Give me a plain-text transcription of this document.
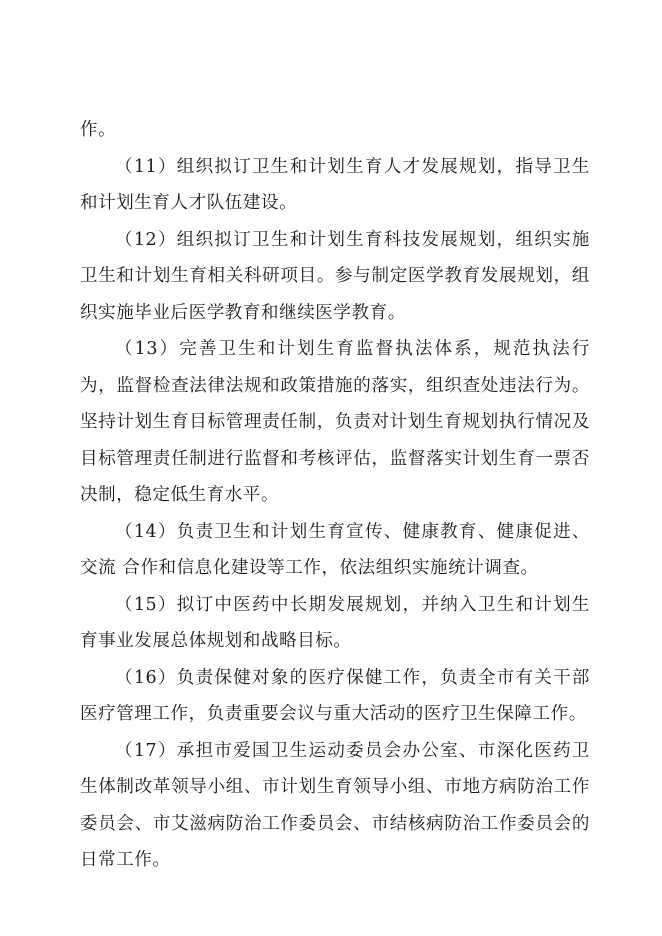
作。

（11）组织拟订卫生和计划生育人才发展规划，指导卫生和计划生育人才队伍建设。

（12）组织拟订卫生和计划生育科技发展规划，组织实施卫生和计划生育相关科研项目。参与制定医学教育发展规划，组织实施毕业后医学教育和继续医学教育。

（13）完善卫生和计划生育监督执法体系，规范执法行为，监督检查法律法规和政策措施的落实，组织查处违法行为。坚持计划生育目标管理责任制，负责对计划生育规划执行情况及目标管理责任制进行监督和考核评估，监督落实计划生育一票否决制，稳定低生育水平。

（14）负责卫生和计划生育宣传、健康教育、健康促进、交流 合作和信息化建设等工作，依法组织实施统计调查。

（15）拟订中医药中长期发展规划，并纳入卫生和计划生育事业发展总体规划和战略目标。

（16）负责保健对象的医疗保健工作，负责全市有关干部医疗管理工作，负责重要会议与重大活动的医疗卫生保障工作。

（17）承担市爱国卫生运动委员会办公室、市深化医药卫生体制改革领导小组、市计划生育领导小组、市地方病防治工作委员会、市艾滋病防治工作委员会、市结核病防治工作委员会的日常工作。
